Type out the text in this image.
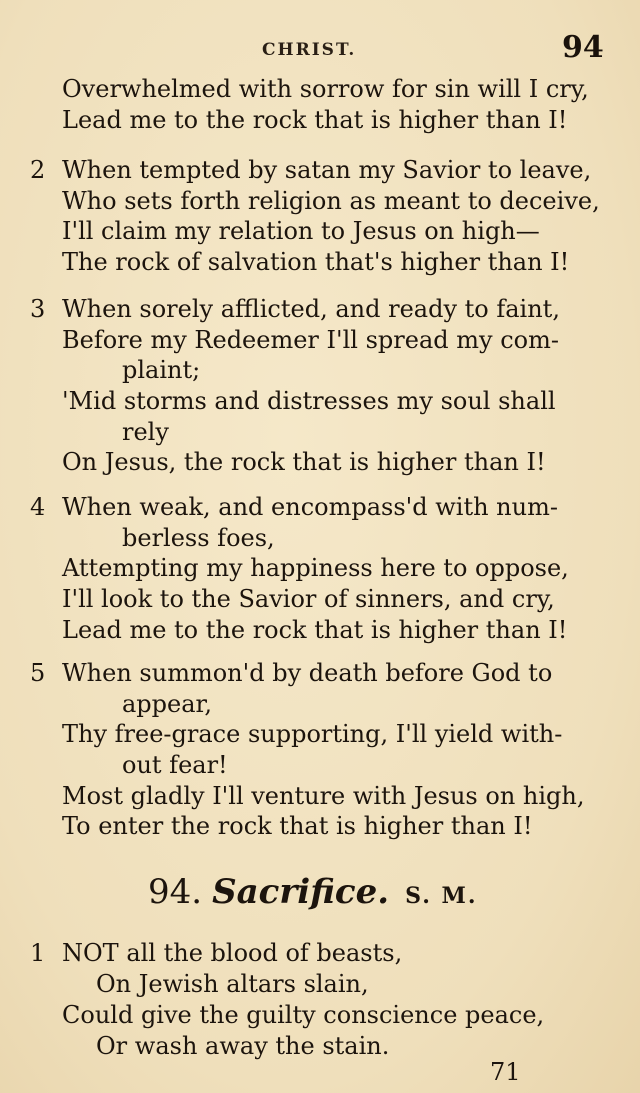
CHRIST.	94
Overwhelmed with sorrow for sin will I cry,
Lead me to the rock that is higher than I!
2 When tempted by satan my Savior to leave,
Who sets forth religion as meant to deceive,
I'll claim my relation to Jesus on high—
The rock of salvation that's higher than I!
3 When sorely afflicted, and ready to faint,
Before my Redeemer I'll spread my com-
plaint;
'Mid storms and distresses my soul shall
rely
On Jesus, the rock that is higher than I!
4 When weak, and encompass'd with num-
berless foes,
Attempting my happiness here to oppose,
I'll look to the Savior of sinners, and cry,
Lead me to the rock that is higher than I!
5 When summon'd by death before God to
appear,
Thy free-grace supporting, I'll yield with-
out fear!
Most gladly I'll venture with Jesus on high,
To enter the rock that is higher than I!
94. Sacrifice. S. M.
1 NOT all the blood of beasts,
On Jewish altars slain,
Could give the guilty conscience peace,
Or wash away the stain.
71
